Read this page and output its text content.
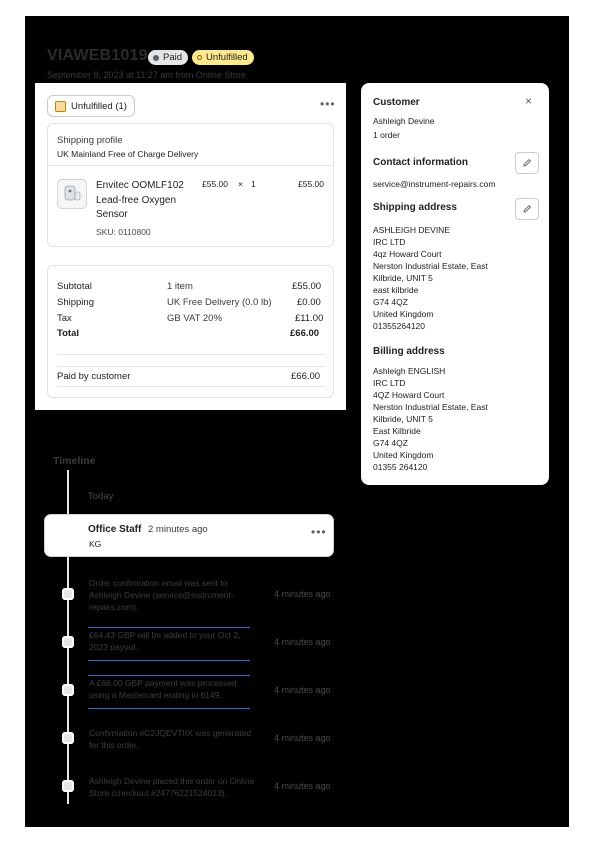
VIAWEB1019 Paid	Unfulfilled
September 8, 2023 at 11:27 am from Online Store
Unfulfilled (1)	•••
Shipping profile
UK Mainland Free of Charge Delivery
Envitec OOMLF102 Lead-free Oxygen Sensor
SKU: 0110800
£55.00 × 1	£55.00
Subtotal	1 item	£55.00
Shipping	UK Free Delivery (0.0 lb)	£0.00
Tax	GB VAT 20%	£11.00
Total	£66.00
Paid by customer	£66.00
Customer	×
Ashleigh Devine
1 order
Contact information
service@instrument-repairs.com
Shipping address
ASHLEIGH DEVINE
IRC LTD
4qz Howard Court
Nerston Industrial Estate, East
Kilbride, UNIT 5
east kilbride
G74 4QZ
United Kingdom
01355264120
Billing address
Ashleigh ENGLISH
IRC LTD
4QZ Howard Court
Nerston Industrial Estate, East
Kilbride, UNIT 5
East Kilbride
G74 4QZ
United Kingdom
01355 264120
Timeline
Today
Office Staff 2 minutes ago
KG
•••
Order confirmation email was sent to Ashleigh Devine (service@instrument-repairs.com).
4 minutes ago
£64.43 GBP will be added to your Oct 2, 2023 payout.	4 minutes ago
A £66.00 GBP payment was processed using a Mastercard ending in 6149.	4 minutes ago
Confirmation #C2JQEVTIIX was generated for this order.
4 minutes ago
Ashleigh Devine placed this order on Online Store (checkout #24776221524013).
4 minutes ago
